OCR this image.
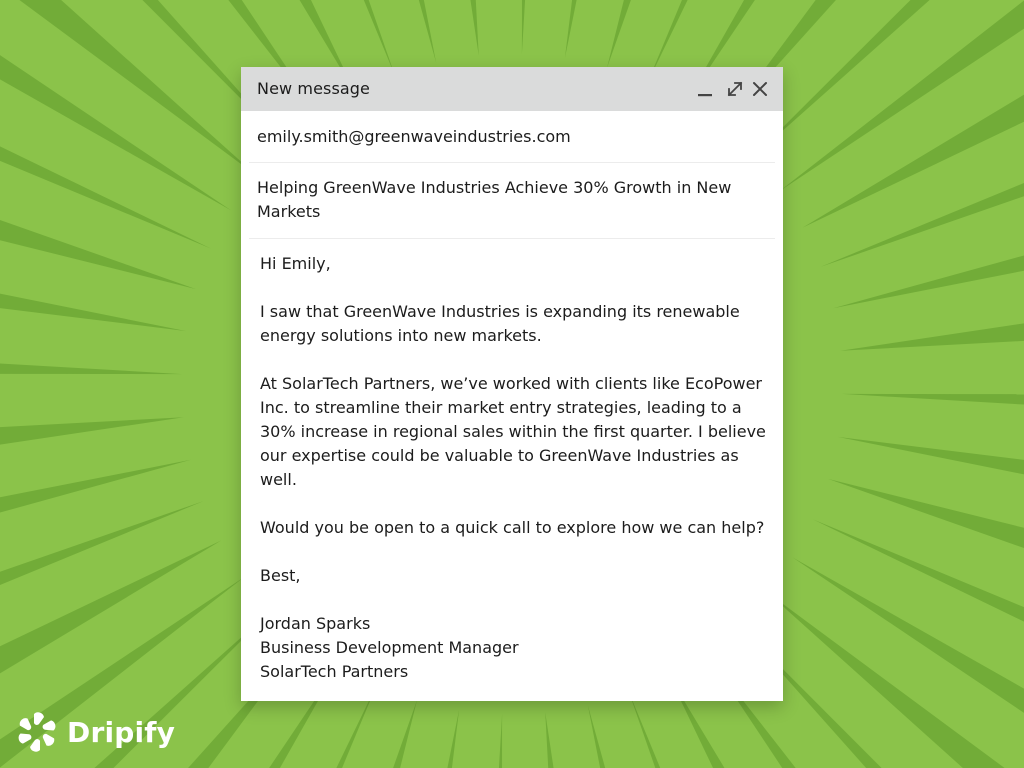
New message
emily.smith@greenwaveindustries.com
Helping GreenWave Industries Achieve 30% Growth in New Markets

Hi Emily,

I saw that GreenWave Industries is expanding its renewable energy solutions into new markets.

At SolarTech Partners, we’ve worked with clients like EcoPower Inc. to streamline their market entry strategies, leading to a 30% increase in regional sales within the first quarter. I believe our expertise could be valuable to GreenWave Industries as well.

Would you be open to a quick call to explore how we can help?

Best,

Jordan Sparks
Business Development Manager
SolarTech Partners

Dripify
